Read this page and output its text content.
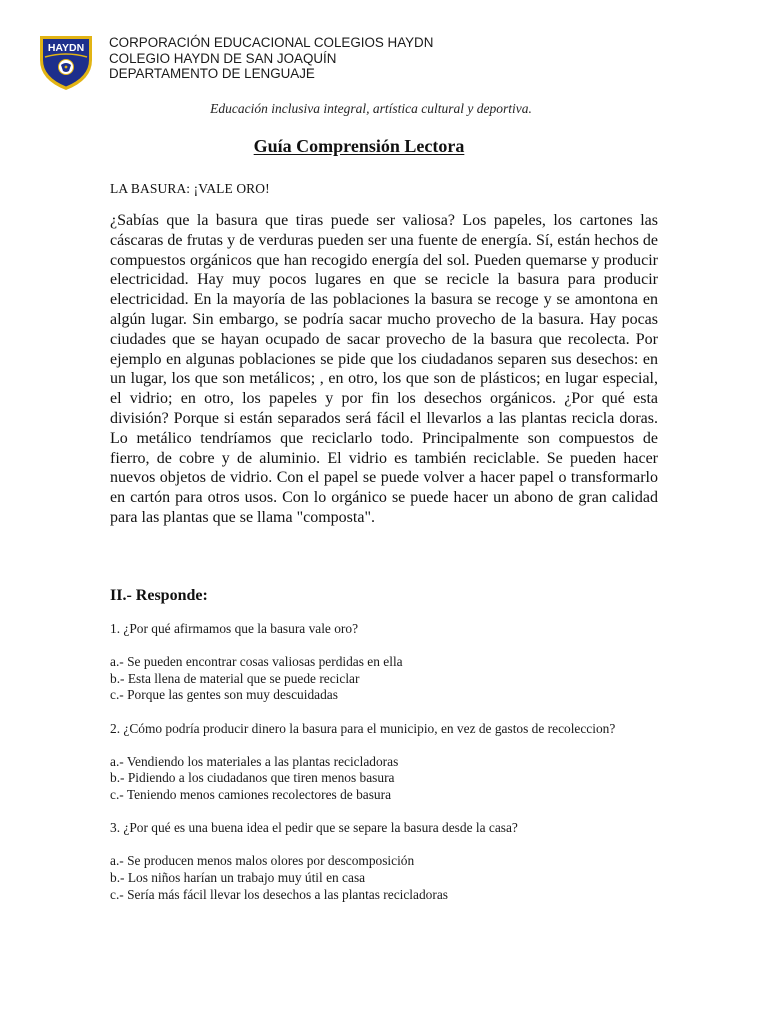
HAYDN CORPORACIÓN EDUCACIONAL COLEGIOS HAYDN
COLEGIO HAYDN DE SAN JOAQUÍN
DEPARTAMENTO DE LENGUAJE
Educación inclusiva integral, artística cultural y deportiva.
Guía Comprensión Lectora
LA BASURA: ¡VALE ORO!
¿Sabías que la basura que tiras puede ser valiosa? Los papeles, los cartones las cáscaras de frutas y de verduras pueden ser una fuente de energía. Sí, están hechos de compuestos orgánicos que han recogido energía del sol. Pueden quemarse y producir electricidad. Hay muy pocos lugares en que se recicle la basura para producir electricidad. En la mayoría de las poblaciones la basura se recoge y se amontona en algún lugar. Sin embargo, se podría sacar mucho provecho de la basura. Hay pocas ciudades que se hayan ocupado de sacar provecho de la basura que recolecta. Por ejemplo en algunas poblaciones se pide que los ciudadanos separen sus desechos: en un lugar, los que son metálicos; , en otro, los que son de plásticos; en lugar especial, el vidrio; en otro, los papeles y por fin los desechos orgánicos. ¿Por qué esta división? Porque si están separados será fácil el llevarlos a las plantas recicla doras. Lo metálico tendríamos que reciclarlo todo. Principalmente son compuestos de fierro, de cobre y de aluminio. El vidrio es también reciclable. Se pueden hacer nuevos objetos de vidrio. Con el papel se puede volver a hacer papel o transformarlo en cartón para otros usos. Con lo orgánico se puede hacer un abono de gran calidad para las plantas que se llama "composta".
II.- Responde:
1. ¿Por qué afirmamos que la basura vale oro?
a.- Se pueden encontrar cosas valiosas perdidas en ella
b.- Esta llena de material que se puede reciclar
c.- Porque las gentes son muy descuidadas
2. ¿Cómo podría producir dinero la basura para el municipio, en vez de gastos de recoleccion?
a.- Vendiendo los materiales a las plantas recicladoras
b.- Pidiendo a los ciudadanos que tiren menos basura
c.- Teniendo menos camiones recolectores de basura
3. ¿Por qué es una buena idea el pedir que se separe la basura desde la casa?
a.- Se producen menos malos olores por descomposición
b.- Los niños harían un trabajo muy útil en casa
c.- Sería más fácil llevar los desechos a las plantas recicladoras
